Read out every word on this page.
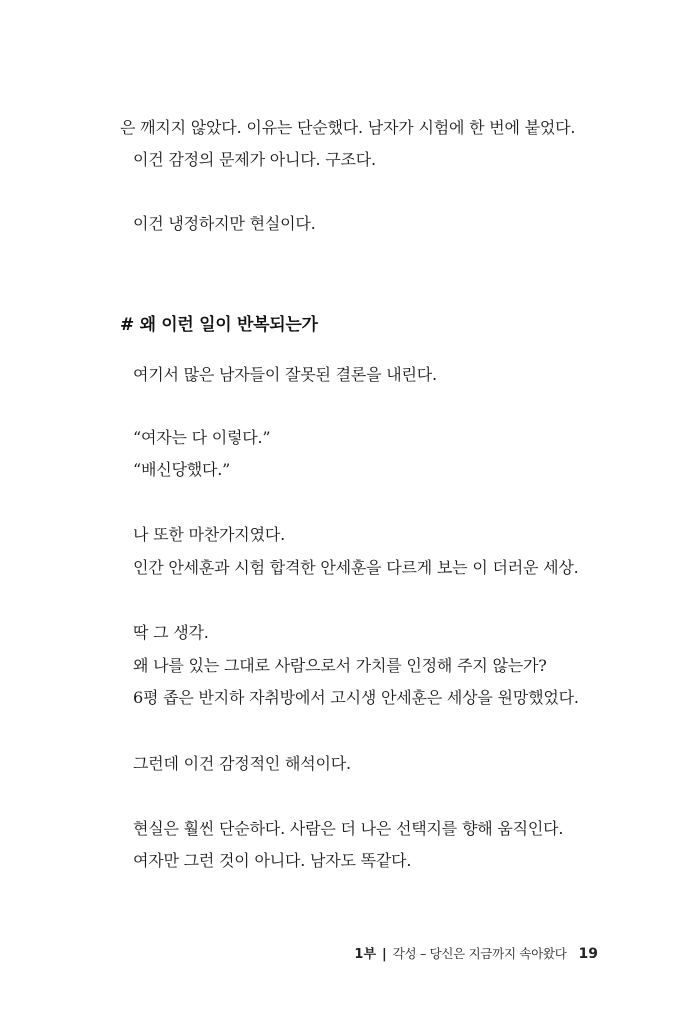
은 깨지지 않았다. 이유는 단순했다. 남자가 시험에 한 번에 붙었다.
이건 감정의 문제가 아니다. 구조다.
이건 냉정하지만 현실이다.
# 왜 이런 일이 반복되는가
여기서 많은 남자들이 잘못된 결론을 내린다.
“여자는 다 이렇다.”
“배신당했다.”
나 또한 마찬가지였다.
인간 안세훈과 시험 합격한 안세훈을 다르게 보는 이 더러운 세상.
딱 그 생각.
왜 나를 있는 그대로 사람으로서 가치를 인정해 주지 않는가?
6평 좁은 반지하 자취방에서 고시생 안세훈은 세상을 원망했었다.
그런데 이건 감정적인 해석이다.
현실은 훨씬 단순하다. 사람은 더 나은 선택지를 향해 움직인다.
여자만 그런 것이 아니다. 남자도 똑같다.
1부 | 각성 – 당신은 지금까지 속아왔다 19
